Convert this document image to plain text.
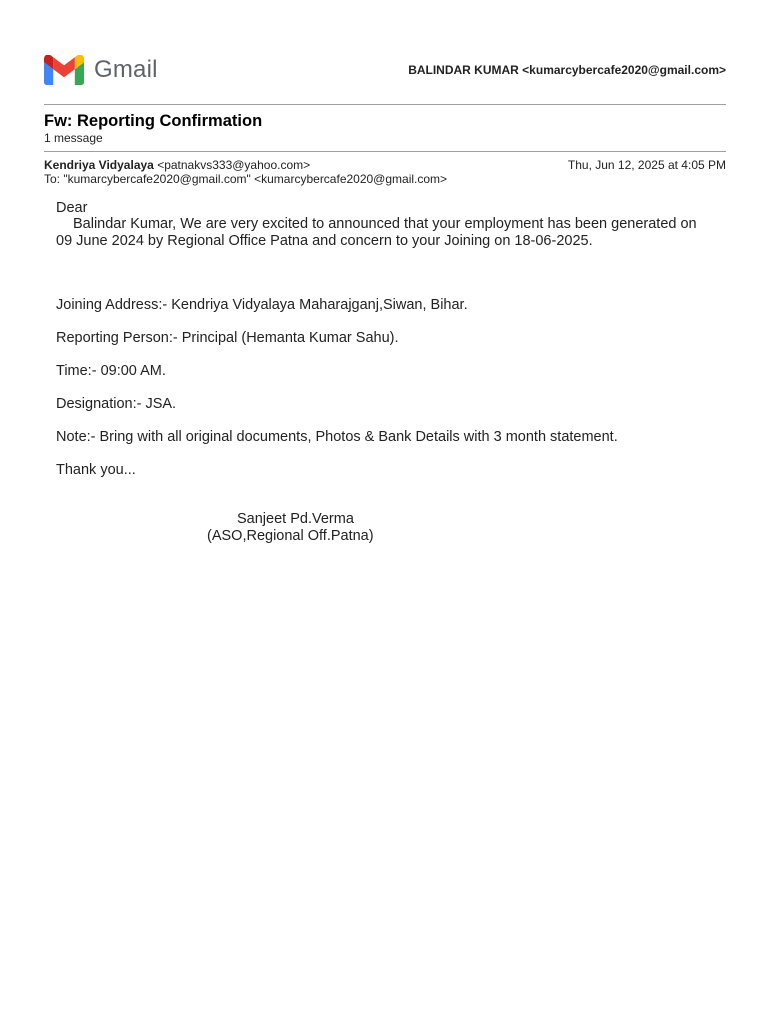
Gmail	BALINDAR KUMAR <kumarcybercafe2020@gmail.com>
Fw: Reporting Confirmation
1 message
Kendriya Vidyalaya <patnakvs333@yahoo.com>	Thu, Jun 12, 2025 at 4:05 PM
To: "kumarcybercafe2020@gmail.com" <kumarcybercafe2020@gmail.com>

Dear

Balindar Kumar, We are very excited to announced that your employment has been generated on 09 June 2024 by Regional Office Patna and concern to your Joining on 18-06-2025.

Joining Address:- Kendriya Vidyalaya Maharajganj,Siwan, Bihar.
Reporting Person:- Principal (Hemanta Kumar Sahu).
Time:- 09:00 AM.
Designation:- JSA.
Note:- Bring with all original documents, Photos & Bank Details with 3 month statement.
Thank you...
Sanjeet Pd.Verma
(ASO,Regional Off.Patna)
